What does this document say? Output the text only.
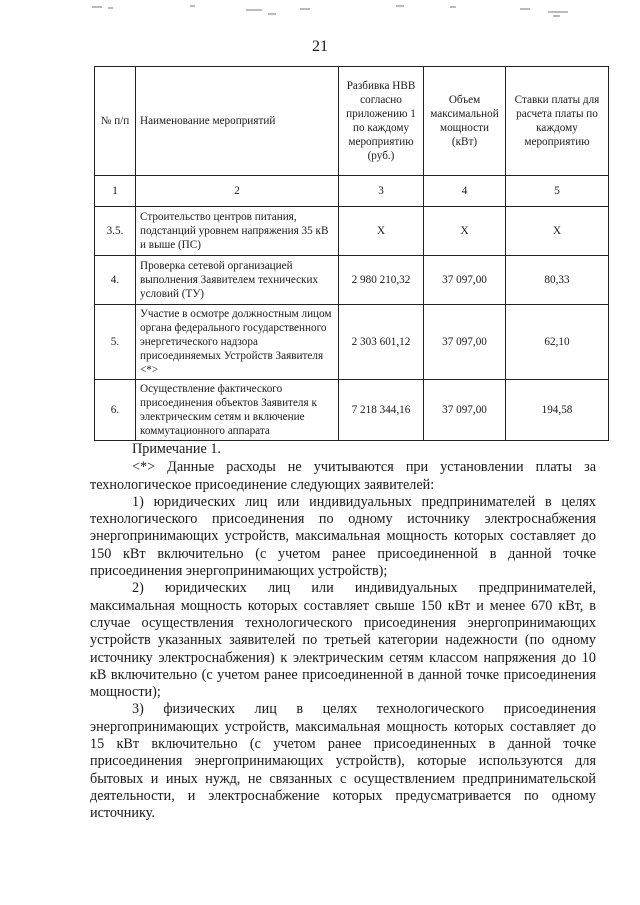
21
№ п/п	Наименование мероприятий	Разбивка НВВ согласно приложению 1 по каждому мероприятию (руб.)	Объем максимальной мощности (кВт)	Ставки платы для расчета платы по каждому мероприятию
1	2	3	4	5
3.5.	Строительство центров питания, подстанций уровнем напряжения 35 кВ и выше (ПС)	Х	Х	Х
4.	Проверка сетевой организацией выполнения Заявителем технических условий (ТУ)	2 980 210,32	37 097,00	80,33
5.	Участие в осмотре должностным лицом органа федерального государственного энергетического надзора присоединяемых Устройств Заявителя <*>	2 303 601,12	37 097,00	62,10
6.	Осуществление фактического присоединения объектов Заявителя к электрическим сетям и включение коммутационного аппарата	7 218 344,16	37 097,00	194,58

Примечание 1.

<*> Данные расходы не учитываются при установлении платы за технологическое присоединение следующих заявителей:

1) юридических лиц или индивидуальных предпринимателей в целях технологического присоединения по одному источнику электроснабжения энергопринимающих устройств, максимальная мощность которых составляет до 150 кВт включительно (с учетом ранее присоединенной в данной точке присоединения энергопринимающих устройств);

2) юридических лиц или индивидуальных предпринимателей, максимальная мощность которых составляет свыше 150 кВт и менее 670 кВт, в случае осуществления технологического присоединения энергопринимающих устройств указанных заявителей по третьей категории надежности (по одному источнику электроснабжения) к электрическим сетям классом напряжения до 10 кВ включительно (с учетом ранее присоединенной в данной точке присоединения мощности);

3) физических лиц в целях технологического присоединения энергопринимающих устройств, максимальная мощность которых составляет до 15 кВт включительно (с учетом ранее присоединенных в данной точке присоединения энергопринимающих устройств), которые используются для бытовых и иных нужд, не связанных с осуществлением предпринимательской деятельности, и электроснабжение которых предусматривается по одному источнику.
